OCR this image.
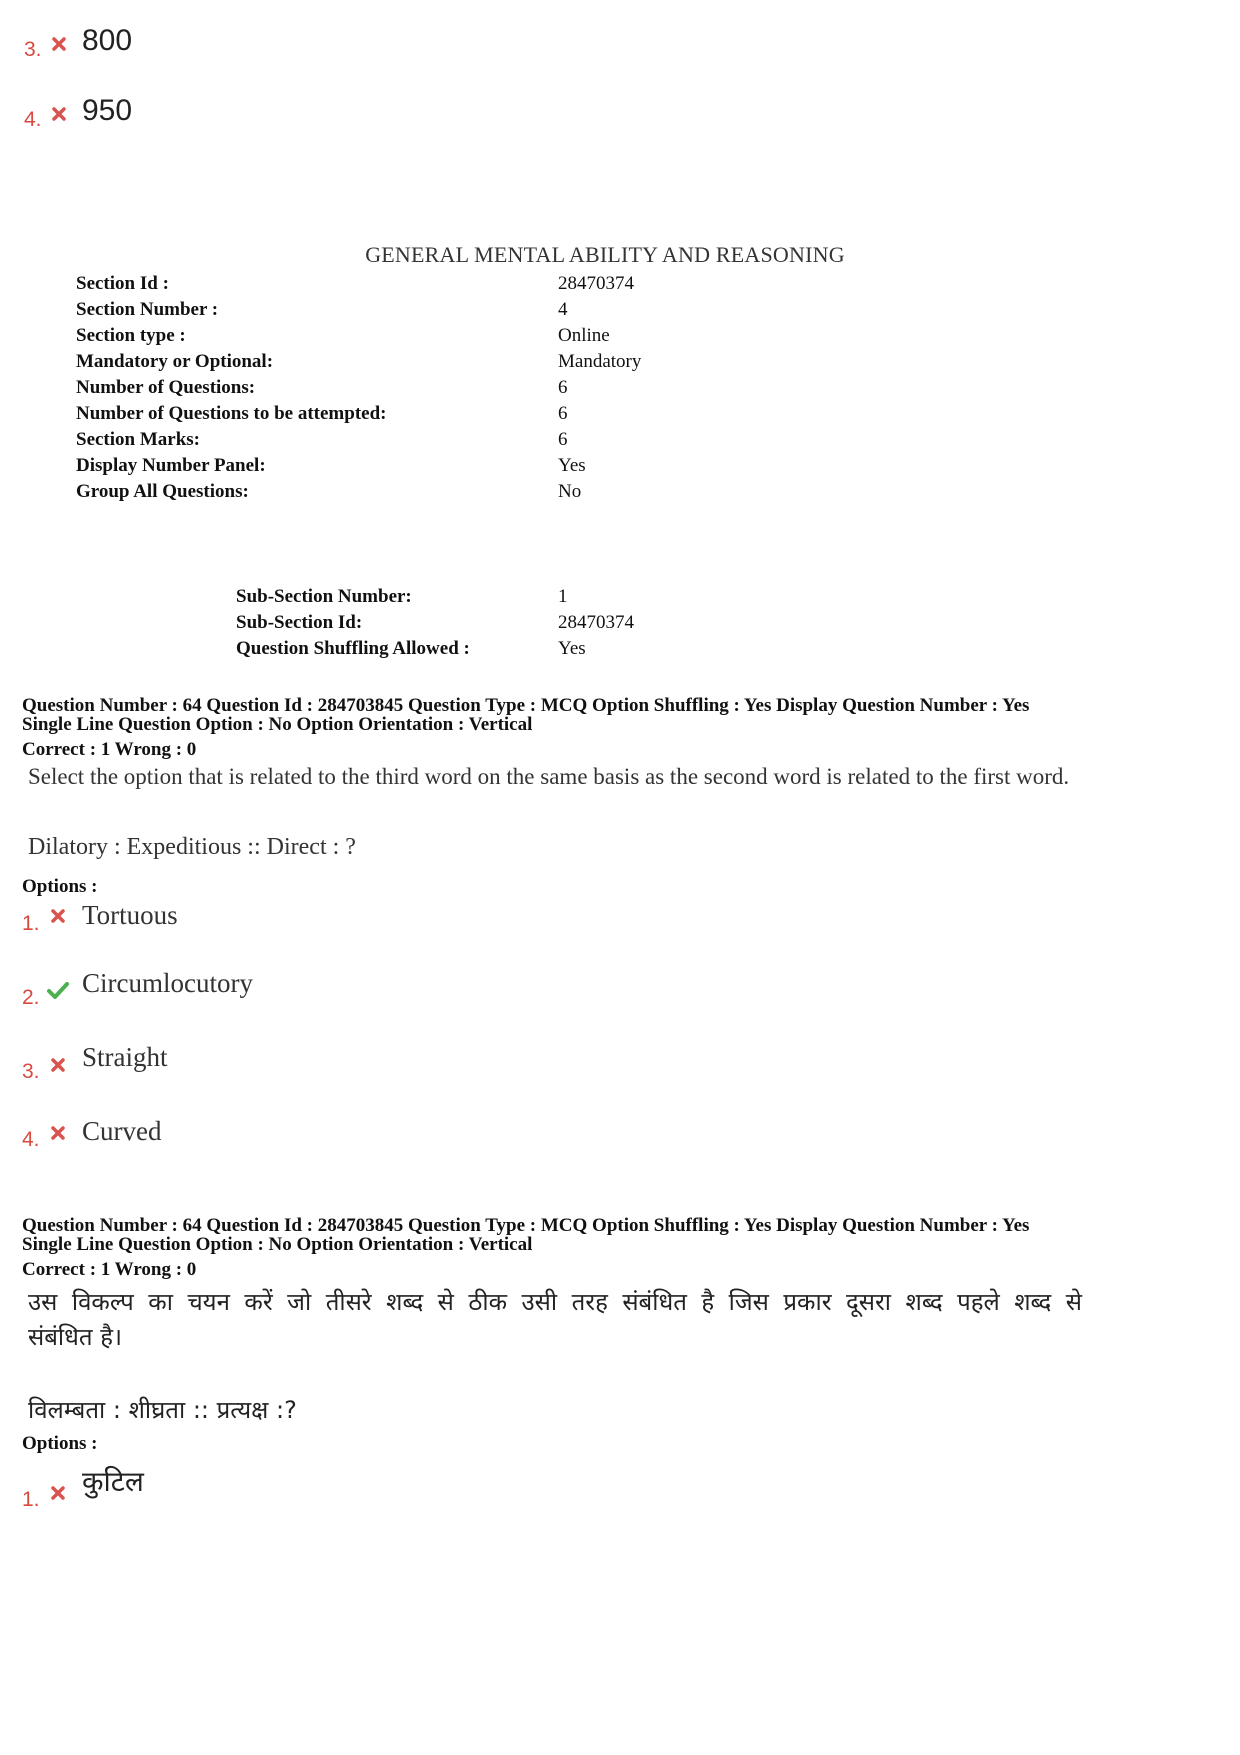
3. 800
4. 950
GENERAL MENTAL ABILITY AND REASONING
Section Id :	28470374
Section Number :	4
Section type :	Online
Mandatory or Optional:	Mandatory
Number of Questions:	6
Number of Questions to be attempted:	6
Section Marks:	6
Display Number Panel:	Yes
Group All Questions:	No
Sub-Section Number:	1
Sub-Section Id:	28470374
Question Shuffling Allowed :	Yes
Question Number : 64 Question Id : 284703845 Question Type : MCQ Option Shuffling : Yes Display Question Number : Yes
Single Line Question Option : No Option Orientation : Vertical
Correct : 1 Wrong : 0
Select the option that is related to the third word on the same basis as the second word is related to the first word.
Dilatory : Expeditious :: Direct : ?
Options :
1. Tortuous
2. Circumlocutory
3. Straight
4. Curved
Question Number : 64 Question Id : 284703845 Question Type : MCQ Option Shuffling : Yes Display Question Number : Yes
Single Line Question Option : No Option Orientation : Vertical
Correct : 1 Wrong : 0
उस विकल्प का चयन करें जो तीसरे शब्द से ठीक उसी तरह संबंधित है जिस प्रकार दूसरा शब्द पहले शब्द से
संबंधित है।
विलम्बता : शीघ्रता :: प्रत्यक्ष :?
Options :
1.
कुटिल
